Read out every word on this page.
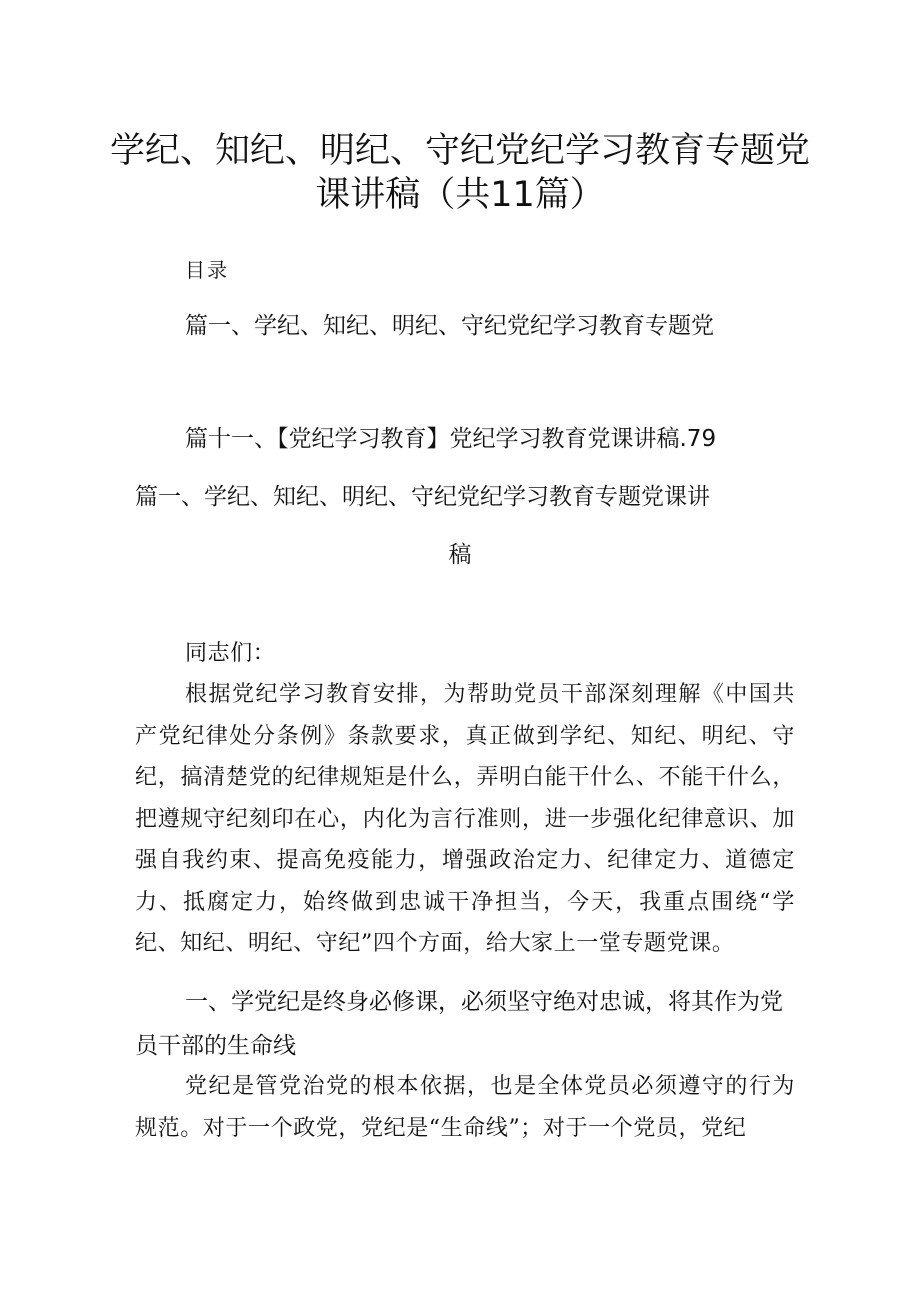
学纪、知纪、明纪、守纪党纪学习教育专题党
课讲稿（共11篇）
目录
篇一、学纪、知纪、明纪、守纪党纪学习教育专题党
篇十一、【党纪学习教育】党纪学习教育党课讲稿.79
篇一、学纪、知纪、明纪、守纪党纪学习教育专题党课讲
稿

同志们：

根据党纪学习教育安排，为帮助党员干部深刻理解《中国共产党纪律处分条例》条款要求，真正做到学纪、知纪、明纪、守纪，搞清楚党的纪律规矩是什么，弄明白能干什么、不能干什么，把遵规守纪刻印在心，内化为言行准则，进一步强化纪律意识、加强自我约束、提高免疫能力，增强政治定力、纪律定力、道德定力、抵腐定力，始终做到忠诚干净担当，今天，我重点围绕“学纪、知纪、明纪、守纪”四个方面，给大家上一堂专题党课。

一、学党纪是终身必修课，必须坚守绝对忠诚，将其作为党员干部的生命线

党纪是管党治党的根本依据，也是全体党员必须遵守的行为规范。对于一个政党，党纪是“生命线”；对于一个党员，党纪
